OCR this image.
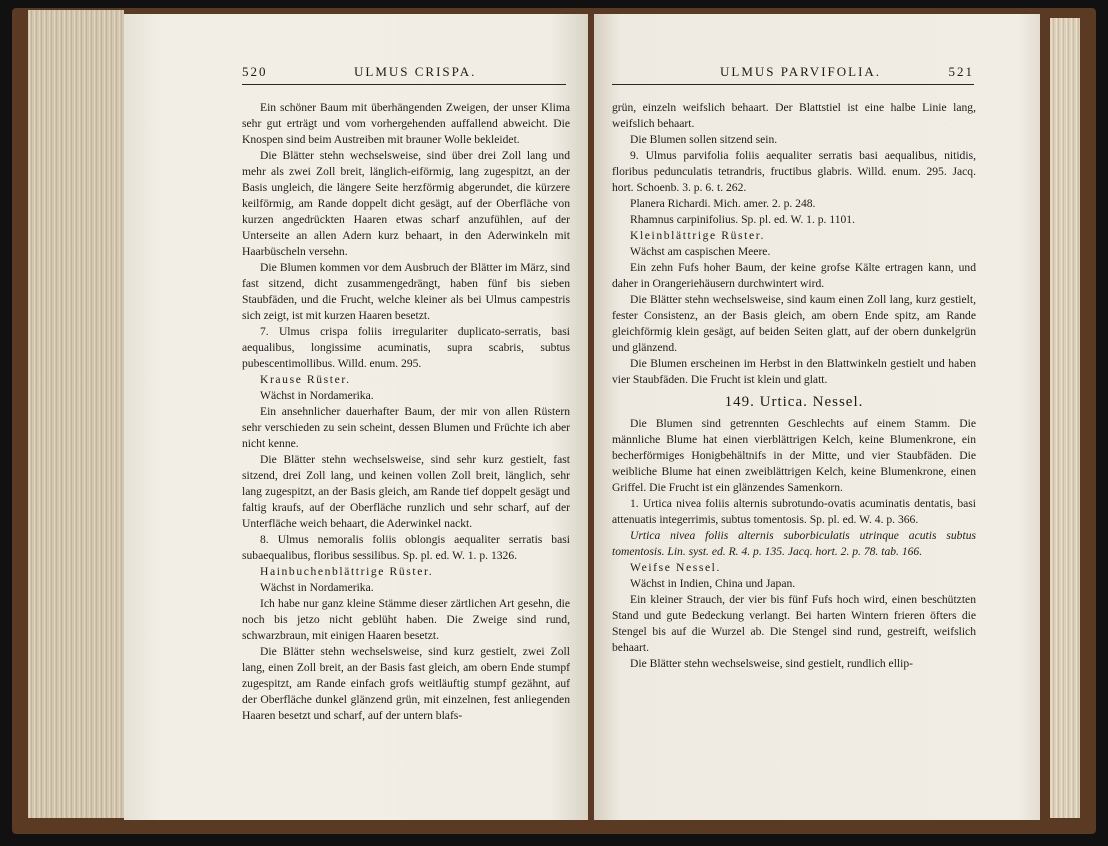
520	ULMUS CRISPA.

Ein schöner Baum mit überhängenden Zweigen, der unser Klima sehr gut erträgt und vom vorhergehenden auffallend abweicht. Die Knospen sind beim Austreiben mit brauner Wolle bekleidet.

Die Blätter stehn wechselsweise, sind über drei Zoll lang und mehr als zwei Zoll breit, länglich-eiförmig, lang zugespitzt, an der Basis ungleich, die längere Seite herzförmig abgerundet, die kürzere keilförmig, am Rande doppelt dicht gesägt, auf der Oberfläche von kurzen angedrückten Haaren etwas scharf anzufühlen, auf der Unterseite an allen Adern kurz behaart, in den Aderwinkeln mit Haarbüscheln versehn.

Die Blumen kommen vor dem Ausbruch der Blätter im März, sind fast sitzend, dicht zusammengedrängt, haben fünf bis sieben Staubfäden, und die Frucht, welche kleiner als bei Ulmus campestris sich zeigt, ist mit kurzen Haaren besetzt.

7. Ulmus crispa foliis irregulariter duplicato-serratis, basi aequalibus, longissime acuminatis, supra scabris, subtus pubescentimollibus. Willd. enum. 295.

Krause Rüster.

Wächst in Nordamerika.

Ein ansehnlicher dauerhafter Baum, der mir von allen Rüstern sehr verschieden zu sein scheint, dessen Blumen und Früchte ich aber nicht kenne.

Die Blätter stehn wechselsweise, sind sehr kurz gestielt, fast sitzend, drei Zoll lang, und keinen vollen Zoll breit, länglich, sehr lang zugespitzt, an der Basis gleich, am Rande tief doppelt gesägt und faltig kraufs, auf der Oberfläche runzlich und sehr scharf, auf der Unterfläche weich behaart, die Aderwinkel nackt.

8. Ulmus nemoralis foliis oblongis aequaliter serratis basi subaequalibus, floribus sessilibus. Sp. pl. ed. W. 1. p. 1326.

Hainbuchenblättrige Rüster.

Wächst in Nordamerika.

Ich habe nur ganz kleine Stämme dieser zärtlichen Art gesehn, die noch bis jetzo nicht geblüht haben. Die Zweige sind rund, schwarzbraun, mit einigen Haaren besetzt.

Die Blätter stehn wechselsweise, sind kurz gestielt, zwei Zoll lang, einen Zoll breit, an der Basis fast gleich, am obern Ende stumpf zugespitzt, am Rande einfach grofs weitläuftig stumpf gezähnt, auf der Oberfläche dunkel glänzend grün, mit einzelnen, fest anliegenden Haaren besetzt und scharf, auf der untern blafs-

ULMUS PARVIFOLIA.	521

grün, einzeln weifslich behaart. Der Blattstiel ist eine halbe Linie lang, weifslich behaart.

Die Blumen sollen sitzend sein.

9. Ulmus parvifolia foliis aequaliter serratis basi aequalibus, nitidis, floribus pedunculatis tetrandris, fructibus glabris. Willd. enum. 295. Jacq. hort. Schoenb. 3. p. 6. t. 262.

Planera Richardi. Mich. amer. 2. p. 248.

Rhamnus carpinifolius. Sp. pl. ed. W. 1. p. 1101.

Kleinblättrige Rüster.

Wächst am caspischen Meere.

Ein zehn Fufs hoher Baum, der keine grofse Kälte ertragen kann, und daher in Orangeriehäusern durchwintert wird.

Die Blätter stehn wechselsweise, sind kaum einen Zoll lang, kurz gestielt, fester Consistenz, an der Basis gleich, am obern Ende spitz, am Rande gleichförmig klein gesägt, auf beiden Seiten glatt, auf der obern dunkelgrün und glänzend.

Die Blumen erscheinen im Herbst in den Blattwinkeln gestielt und haben vier Staubfäden. Die Frucht ist klein und glatt.

149. Urtica. Nessel.

Die Blumen sind getrennten Geschlechts auf einem Stamm. Die männliche Blume hat einen vierblättrigen Kelch, keine Blumenkrone, ein becherförmiges Honigbehältnifs in der Mitte, und vier Staubfäden. Die weibliche Blume hat einen zweiblättrigen Kelch, keine Blumenkrone, einen Griffel. Die Frucht ist ein glänzendes Samenkorn.

1. Urtica nivea foliis alternis subrotundo-ovatis acuminatis dentatis, basi attenuatis integerrimis, subtus tomentosis. Sp. pl. ed. W. 4. p. 366.

Urtica nivea foliis alternis suborbiculatis utrinque acutis subtus tomentosis. Lin. syst. ed. R. 4. p. 135. Jacq. hort. 2. p. 78. tab. 166.

Weifse Nessel.

Wächst in Indien, China und Japan.

Ein kleiner Strauch, der vier bis fünf Fufs hoch wird, einen beschützten Stand und gute Bedeckung verlangt. Bei harten Wintern frieren öfters die Stengel bis auf die Wurzel ab. Die Stengel sind rund, gestreift, weifslich behaart.

Die Blätter stehn wechselsweise, sind gestielt, rundlich ellip-
